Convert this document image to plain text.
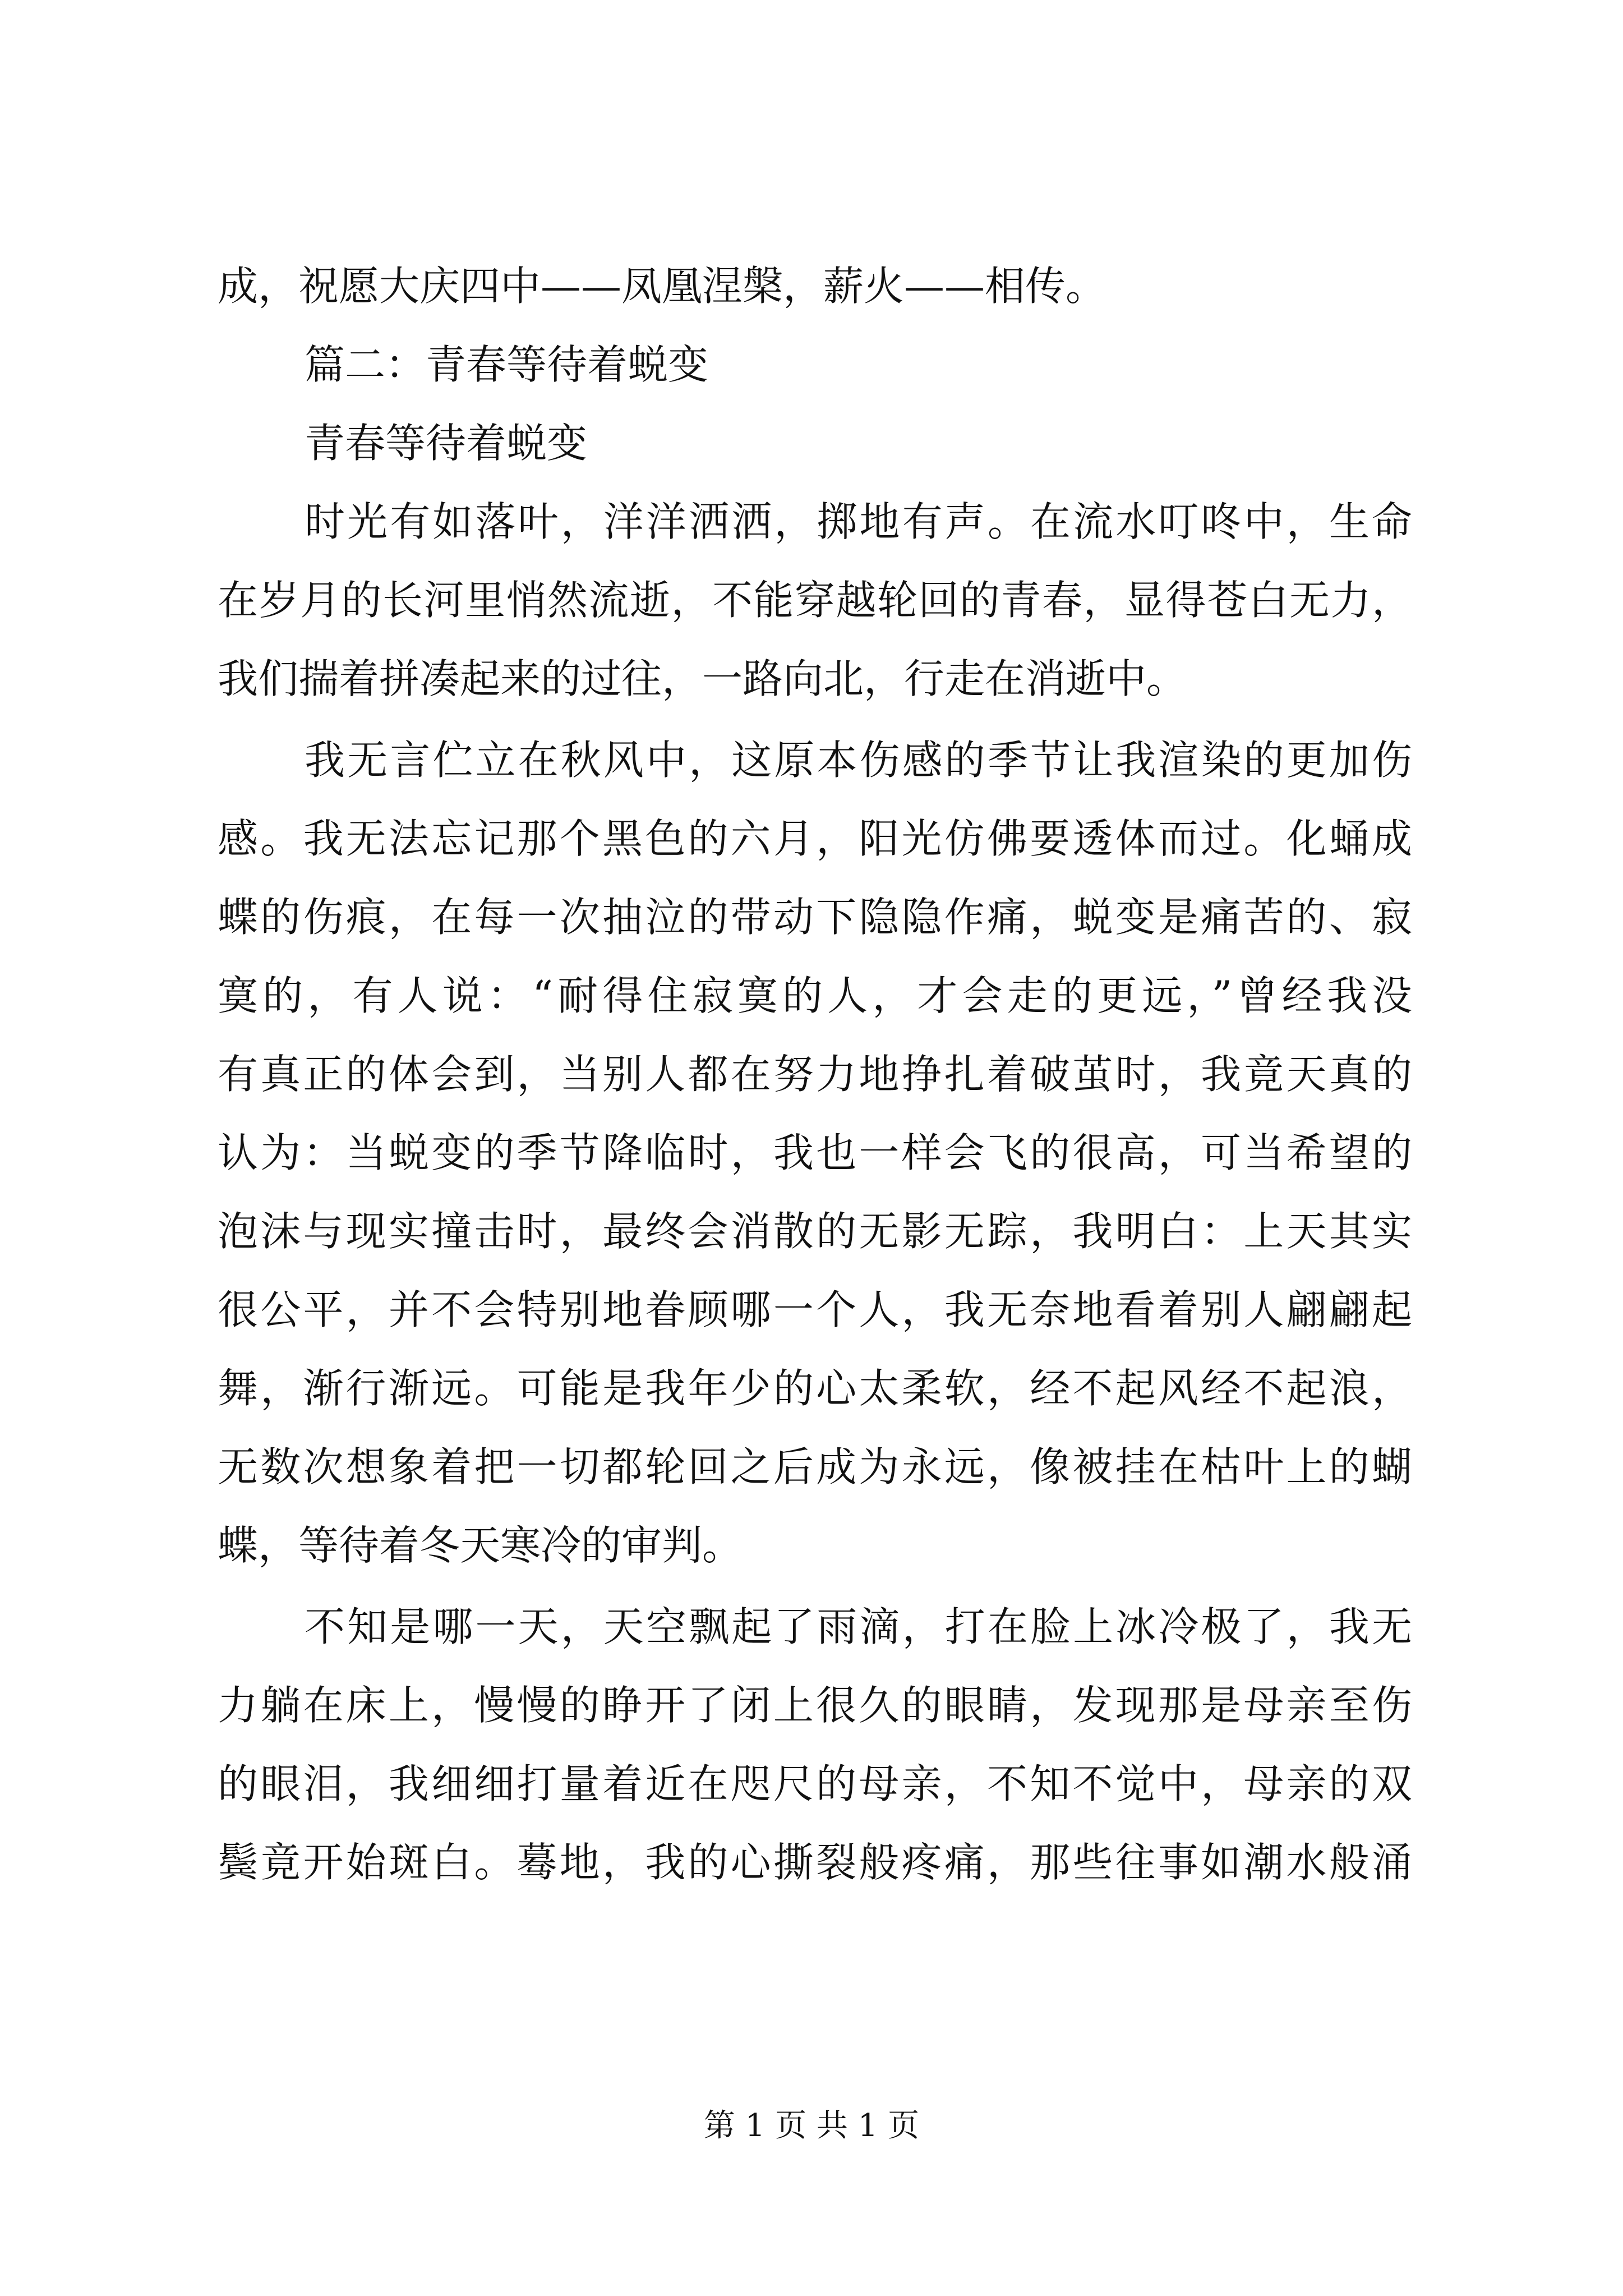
成，祝愿大庆四中——凤凰涅槃，薪火——相传。
篇二：青春等待着蜕变
青春等待着蜕变
时光有如落叶，洋洋洒洒，掷地有声。在流水叮咚中，生命
在岁月的长河里悄然流逝，不能穿越轮回的青春，显得苍白无力，
我们揣着拼凑起来的过往，一路向北，行走在消逝中。
我无言伫立在秋风中，这原本伤感的季节让我渲染的更加伤
感。我无法忘记那个黑色的六月，阳光仿佛要透体而过。化蛹成
蝶的伤痕，在每一次抽泣的带动下隐隐作痛，蜕变是痛苦的、寂
寞的，有人说：“耐得住寂寞的人，才会走的更远，”曾经我没
有真正的体会到，当别人都在努力地挣扎着破茧时，我竟天真的
认为：当蜕变的季节降临时，我也一样会飞的很高，可当希望的
泡沫与现实撞击时，最终会消散的无影无踪，我明白：上天其实
很公平，并不会特别地眷顾哪一个人，我无奈地看着别人翩翩起
舞，渐行渐远。可能是我年少的心太柔软，经不起风经不起浪，
无数次想象着把一切都轮回之后成为永远，像被挂在枯叶上的蝴
蝶，等待着冬天寒冷的审判。
不知是哪一天，天空飘起了雨滴，打在脸上冰冷极了，我无
力躺在床上，慢慢的睁开了闭上很久的眼睛，发现那是母亲至伤
的眼泪，我细细打量着近在咫尺的母亲，不知不觉中，母亲的双
鬓竟开始斑白。蓦地，我的心撕裂般疼痛，那些往事如潮水般涌
第 1 页 共 1 页
